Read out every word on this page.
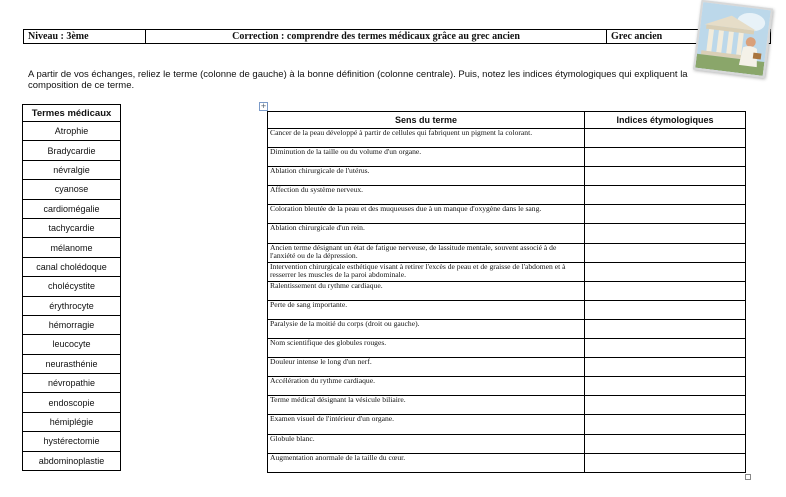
Niveau : 3ème	Correction : comprendre des termes médicaux grâce au grec ancien	Grec ancien
A partir de vos échanges, reliez le terme (colonne de gauche) à la bonne définition (colonne centrale). Puis, notez les indices étymologiques qui expliquent la composition de ce terme.
Termes médicaux
Atrophie
Bradycardie
névralgie
cyanose
cardiomégalie
tachycardie
mélanome
canal cholédoque
cholécystite
érythrocyte
hémorragie
leucocyte
neurasthénie
névropathie
endoscopie
hémiplégie
hystérectomie
abdominoplastie
+
Sens du terme	Indices étymologiques
Cancer de la peau développé à partir de cellules qui fabriquent un pigment la colorant.	
Diminution de la taille ou du volume d'un organe.	
Ablation chirurgicale de l'utérus.	
Affection du système nerveux.	
Coloration bleutée de la peau et des muqueuses due à un manque d'oxygène dans le sang.	
Ablation chirurgicale d'un rein.	
Ancien terme désignant un état de fatigue nerveuse, de lassitude mentale, souvent associé à de l'anxiété ou de la dépression.	
Intervention chirurgicale esthétique visant à retirer l'excès de peau et de graisse de l'abdomen et à resserrer les muscles de la paroi abdominale.	
Ralentissement du rythme cardiaque.	
Perte de sang importante.	
Paralysie de la moitié du corps (droit ou gauche).	
Nom scientifique des globules rouges.	
Douleur intense le long d'un nerf.	
Accélération du rythme cardiaque.	
Terme médical désignant la vésicule biliaire.	
Examen visuel de l'intérieur d'un organe.	
Globule blanc.	
Augmentation anormale de la taille du cœur.	
